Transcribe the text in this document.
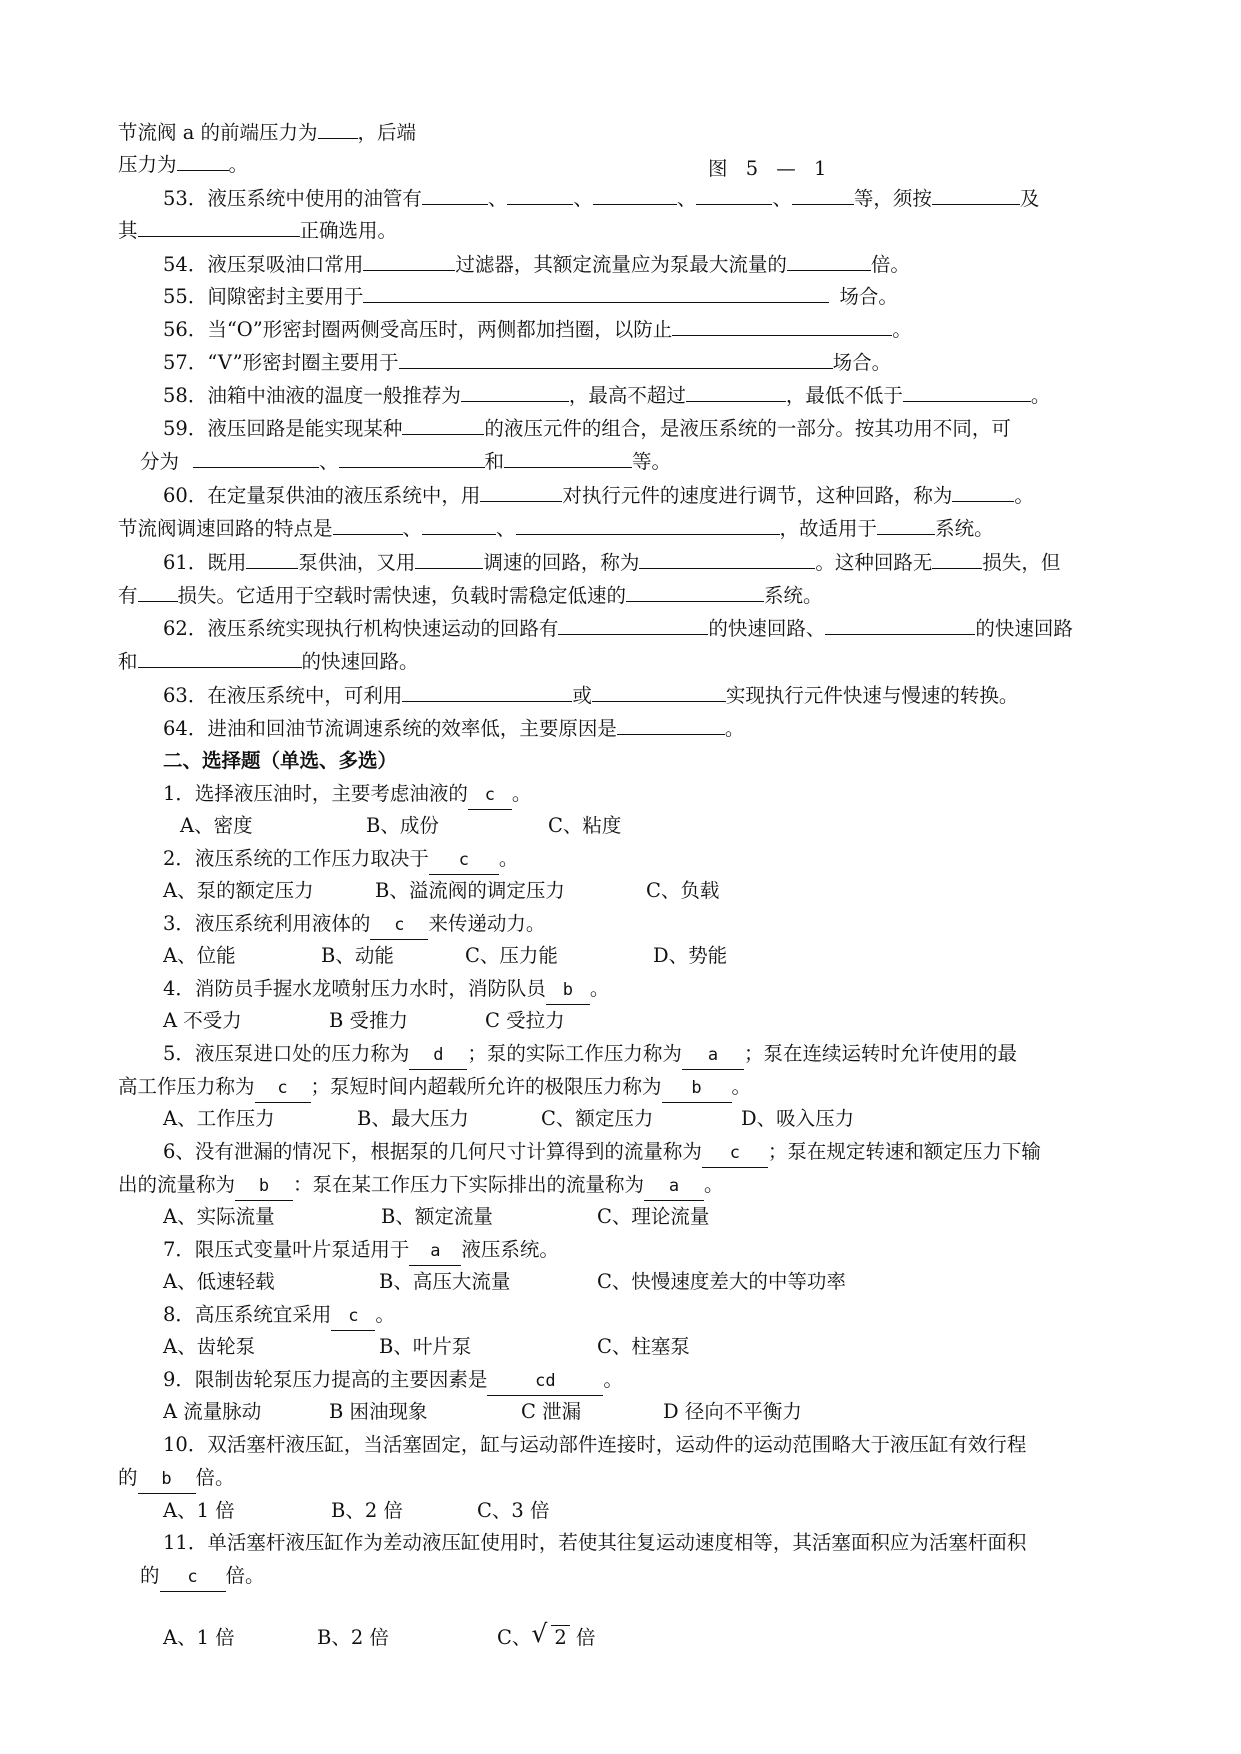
节流阀 a 的前端压力为 ，后端
压力为	。	图 5 — 1
53．液压系统中使用的油管有	、	、	、	、	等，须按	及
其	正确选用。
54．液压泵吸油口常用	过滤器，其额定流量应为泵最大流量的	倍。
55．间隙密封主要用于	场合。
56．当“O”形密封圈两侧受高压时，两侧都加挡圈，以防止	。
57．“V”形密封圈主要用于	场合。
58．油箱中油液的温度一般推荐为	，最高不超过	，最低不低于	。
59．液压回路是能实现某种	的液压元件的组合，是液压系统的一部分。按其功用不同，可
分为	、	和	等。
60．在定量泵供油的液压系统中，用	对执行元件的速度进行调节，这种回路，称为	。
节流阀调速回路的特点是	、	、	，故适用于	系统。
61．既用	泵供油，又用	调速的回路，称为	。这种回路无	损失，但
有 损失。它适用于空载时需快速，负载时需稳定低速的	系统。
62．液压系统实现执行机构快速运动的回路有	的快速回路、	的快速回路
和	的快速回路。
63．在液压系统中，可利用	或	实现执行元件快速与慢速的转换。
64．进油和回油节流调速系统的效率低，主要原因是	。
二、选择题（单选、多选）
1．选择液压油时，主要考虑油液的 c 。
A、密度	B、成份	C、粘度
2．液压系统的工作压力取决于 c 。
A、泵的额定压力	B、溢流阀的调定压力	C、负载
3．液压系统利用液体的 c 来传递动力。
A、位能	B、动能	C、压力能	D、势能
4．消防员手握水龙喷射压力水时，消防队员 b 。
A 不受力	B 受推力	C 受拉力
5．液压泵进口处的压力称为 d ；泵的实际工作压力称为 a ；泵在连续运转时允许使用的最
高工作压力称为 c ；泵短时间内超载所允许的极限压力称为 b 。
A、工作压力	B、最大压力	C、额定压力	D、吸入压力
6、没有泄漏的情况下，根据泵的几何尺寸计算得到的流量称为 c ；泵在规定转速和额定压力下输
出的流量称为 b ：泵在某工作压力下实际排出的流量称为 a 。
A、实际流量	B、额定流量	C、理论流量
7．限压式变量叶片泵适用于 a 液压系统。
A、低速轻载	B、高压大流量	C、快慢速度差大的中等功率
8．高压系统宜采用 c 。
A、齿轮泵	B、叶片泵	C、柱塞泵
9．限制齿轮泵压力提高的主要因素是	cd 。
A 流量脉动	B 困油现象	C 泄漏	D 径向不平衡力
10．双活塞杆液压缸，当活塞固定，缸与运动部件连接时，运动件的运动范围略大于液压缸有效行程
的 b 倍。
A、1 倍	B、2 倍	C、3 倍
11．单活塞杆液压缸作为差动液压缸使用时，若使其往复运动速度相等，其活塞面积应为活塞杆面积
的 c 倍。
A、1 倍	B、2 倍	C、 √ 2 倍
